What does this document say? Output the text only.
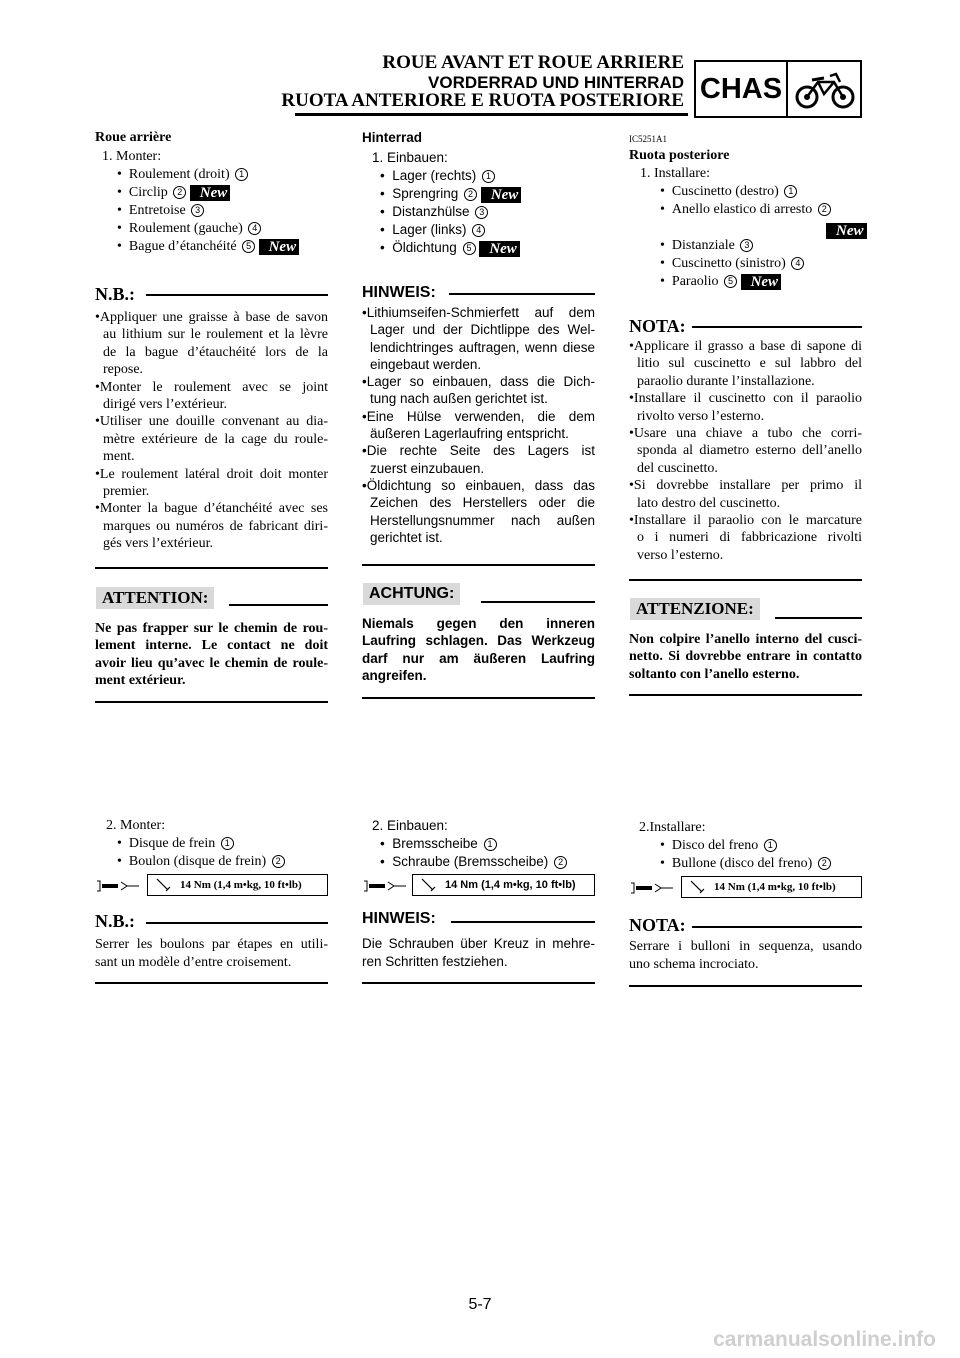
ROUE AVANT ET ROUE ARRIERE
VORDERRAD UND HINTERRAD
RUOTA ANTERIORE E RUOTA POSTERIORE CHAS
Roue arrière
1. Monter:
•  Roulement (droit) 1
•  Circlip 2 New
•  Entretoise 3
•  Roulement (gauche) 4
•  Bague d’étanchéité 5 New
N.B.:
•Appliquer une graisse à base de savon
au lithium sur le roulement et la lèvre
de la bague d’étauchéité lors de la
repose.
•Monter le roulement avec se joint
dirigé vers l’extérieur.
•Utiliser une douille convenant au dia-
mètre extérieure de la cage du roule-
ment.
•Le roulement latéral droit doit monter
premier.
•Monter la bague d’étanchéité avec ses
marques ou numéros de fabricant diri-
gés vers l’extérieur.
ATTENTION:
Ne pas frapper sur le chemin de rou-
lement interne. Le contact ne doit
avoir lieu qu’avec le chemin de roule-
ment extérieur.
2. Monter:
•  Disque de frein 1
•  Boulon (disque de frein) 2
14 Nm (1,4 m•kg, 10 ft•lb)
N.B.:
Serrer les boulons par étapes en utili-
sant un modèle d’entre croisement.
Hinterrad
1. Einbauen:
•  Lager (rechts) 1
•  Sprengring 2 New
•  Distanzhülse 3
•  Lager (links) 4
•  Öldichtung 5 New
HINWEIS:
•Lithiumseifen-Schmierfett auf dem
Lager und der Dichtlippe des Wel-
lendichtringes auftragen, wenn diese
eingebaut werden.
•Lager so einbauen, dass die Dich-
tung nach außen gerichtet ist.
•Eine Hülse verwenden, die dem
äußeren Lagerlaufring entspricht.
•Die rechte Seite des Lagers ist
zuerst einzubauen.
•Öldichtung so einbauen, dass das
Zeichen des Herstellers oder die
Herstellungsnummer nach außen
gerichtet ist.
ACHTUNG:
Niemals gegen den inneren
Laufring schlagen. Das Werkzeug
darf nur am äußeren Laufring
angreifen.
2. Einbauen:
•  Bremsscheibe 1
•  Schraube (Bremsscheibe) 2
14 Nm (1,4 m•kg, 10 ft•lb)
HINWEIS:
Die Schrauben über Kreuz in mehre-
ren Schritten festziehen.
IC5251A1
Ruota posteriore
1. Installare:
•  Cuscinetto (destro) 1
•  Anello elastico di arresto 2
New
•  Distanziale 3
•  Cuscinetto (sinistro) 4
•  Paraolio 5 New
NOTA:
•Applicare il grasso a base di sapone di
litio sul cuscinetto e sul labbro del
paraolio durante l’installazione.
•Installare il cuscinetto con il paraolio
rivolto verso l’esterno.
•Usare una chiave a tubo che corri-
sponda al diametro esterno dell’anello
del cuscinetto.
•Si dovrebbe installare per primo il
lato destro del cuscinetto.
•Installare il paraolio con le marcature
o i numeri di fabbricazione rivolti
verso l’esterno.
ATTENZIONE:
Non colpire l’anello interno del cusci-
netto. Si dovrebbe entrare in contatto
soltanto con l’anello esterno.
2.Installare:
•  Disco del freno 1
•  Bullone (disco del freno) 2
14 Nm (1,4 m•kg, 10 ft•lb)
NOTA:
Serrare i bulloni in sequenza, usando
uno schema incrociato.
5-7
carmanualsonline.info
